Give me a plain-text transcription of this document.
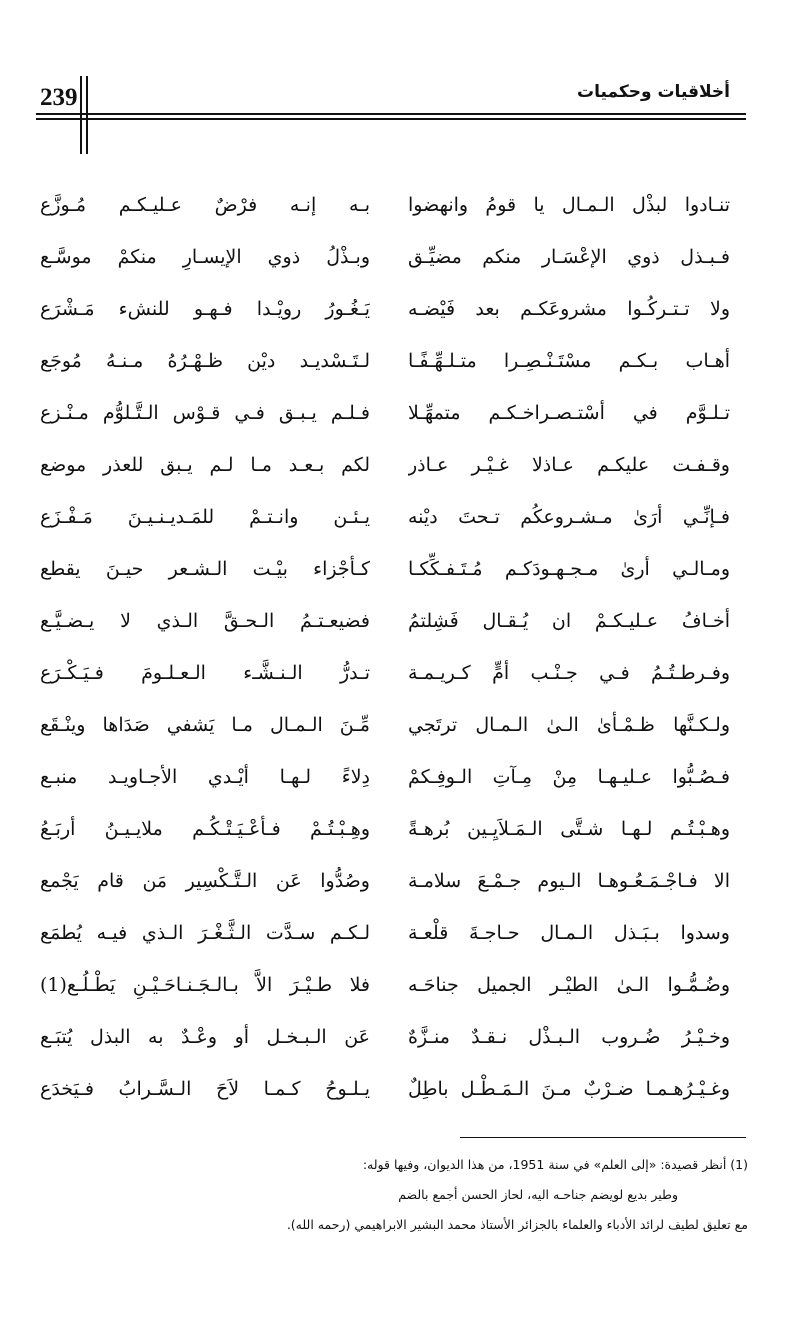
239	أخلاقيات وحكميات
تنـادوا لبذْل الـمـال يا قومُ وانهضوا
بـه إنـه فرْضٌ عـليـكـم مُـوزَّع
فـبـذل ذوي الإعْسَـار منكم مضيِّـق
وبـذْلُ ذوي الإيسـارِ منكمْ موسَّـع
ولا تـتـركُـوا مشروعَكـم بعد فَيْضـه
يَـغُـورُ رويْـدا فـهـو للنشء مَـشْرَع
أهـاب بـكـم مسْتَـنْـصِـرا متـلـهِّـفًـا
لـتَـسْديـد ديْن ظـهْـرُهُ مـنـهُ مُوجَع
تـلـوَّم في أسْتـصـراخـكـم متمهِّـلا
فـلـم يـبـق فـي قـوْس الـتَّـلوُّم مـنْـزع
وقـفـت عليكـم عـاذلا غـيْـر عـاذر
لكم بـعـد مـا لـم يـبق للعذر موضع
فـإنِّـي أرَىٰ مـشـروعكُم تـحتَ ديْنه
يـئـن وانـتـمْ للمَـديـنـيـنَ مَـفْـزَع
ومـالـي أرىٰ مـجـهـودَكـم مُـتَـفـكِّكـا
كـأجْزاء بيْـت الـشـعر حيـنَ يقطع
أخـافُ عـليـكـمْ ان يُـقـال فَشِلتمُ
فضيعـتـمُ الـحـقَّ الـذي لا يـضـيَّـع
وفـرطـتُـمُ فـي جـنْـب أمٍّ كـريـمـة
تـدرُّ الـنـشَّـء الـعـلـومَ فـيَـكْـرَع
ولـكـنَّها ظـمْـأىٰ الـىٰ الـمـال ترتَجي
مِّـنَ الـمـال مـا يَشفي صَدَاها وينْـقَع
فـصُـبُّوا عـليـهـا مِنْ مِـآتِ الـوفِـكمْ
دِلاءً لـهـا أيْـدي الأجـاويـد منبـع
وهـبْـتُـم لـهـا شـتَّى الـمَـلاَيِـين بُرهـةً
وهِـبْـتُـمْ فـأعْـيَـتْـكُـم ملايـيـنُ أربَـعُ
الا فـاجْـمَـعُـوهـا الـيوم جـمْـعَ سلامـة
وصُدُّوا عَن الـتَّـكْسِير مَن قام يَجْمع
وسدوا بـبَـذل الـمـال حـاجـةَ قلْعـة
لـكـم سـدَّت الـثَّـغْـرَ الـذي فيـه يُطمَع
وضُـمُّـوا الـىٰ الطيْـر الجميل جناحَـه
فلا طـيْـرَ الاَّ بـالـجَـنـاحَـيْـنِ يَطْـلُـع(1)
وخـيْـرُ ضُـروب الـبـذْل نـقـدٌ منـزَّهٌ
عَن الـبـخـل أو وعْـدٌ به البذل يُتبَـع
وغـيْـرُهـمـا ضـرْبٌ مـنَ الـمَـطْـل باطِلٌ
يـلـوحُ كـمـا لاَحَ الـسَّـرابُ فـيَخدَع
(1) أنظر قصيدة: «إلى العلم» في سنة 1951، من هذا الديوان، وفيها قوله:
وطير بديع لويضم جناحـه اليه، لحاز الحسن أجمع بالضم
مع تعليق لطيف لرائد الأدباء والعلماء بالجزائر الأستاذ محمد البشير الابراهيمي (رحمه الله).
